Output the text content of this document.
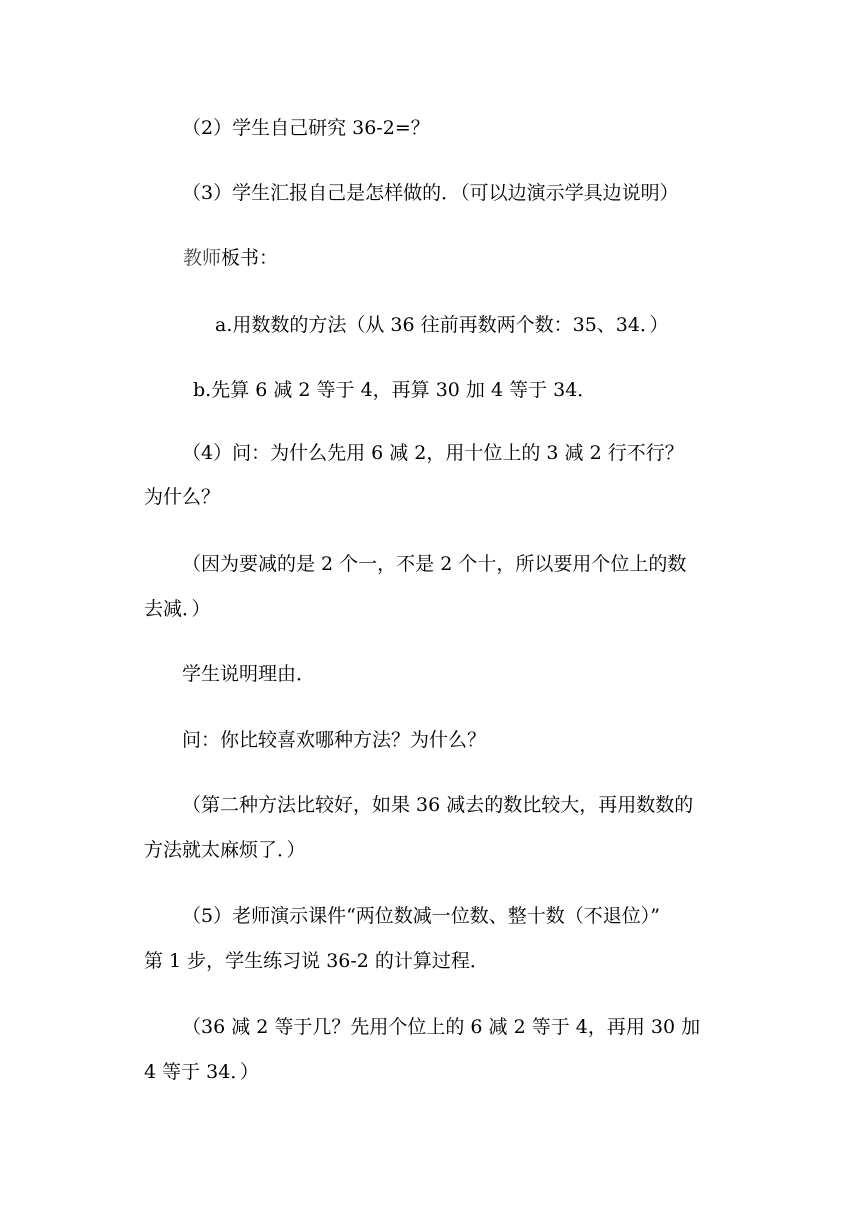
（2）学生自己研究 36-2=？
（3）学生汇报自己是怎样做的．（可以边演示学具边说明）
教师板书：
a.用数数的方法（从 36 往前再数两个数：35、34．）
b.先算 6 减 2 等于 4，再算 30 加 4 等于 34．
（4）问：为什么先用 6 减 2，用十位上的 3 减 2 行不行？
为什么？
（因为要减的是 2 个一，不是 2 个十，所以要用个位上的数
去减．）
学生说明理由．
问：你比较喜欢哪种方法？为什么？
（第二种方法比较好，如果 36 减去的数比较大，再用数数的
方法就太麻烦了．）
（5）老师演示课件“两位数减一位数、整十数（不退位）”
第 1 步，学生练习说 36-2 的计算过程．
（36 减 2 等于几？先用个位上的 6 减 2 等于 4，再用 30 加
4 等于 34．）
